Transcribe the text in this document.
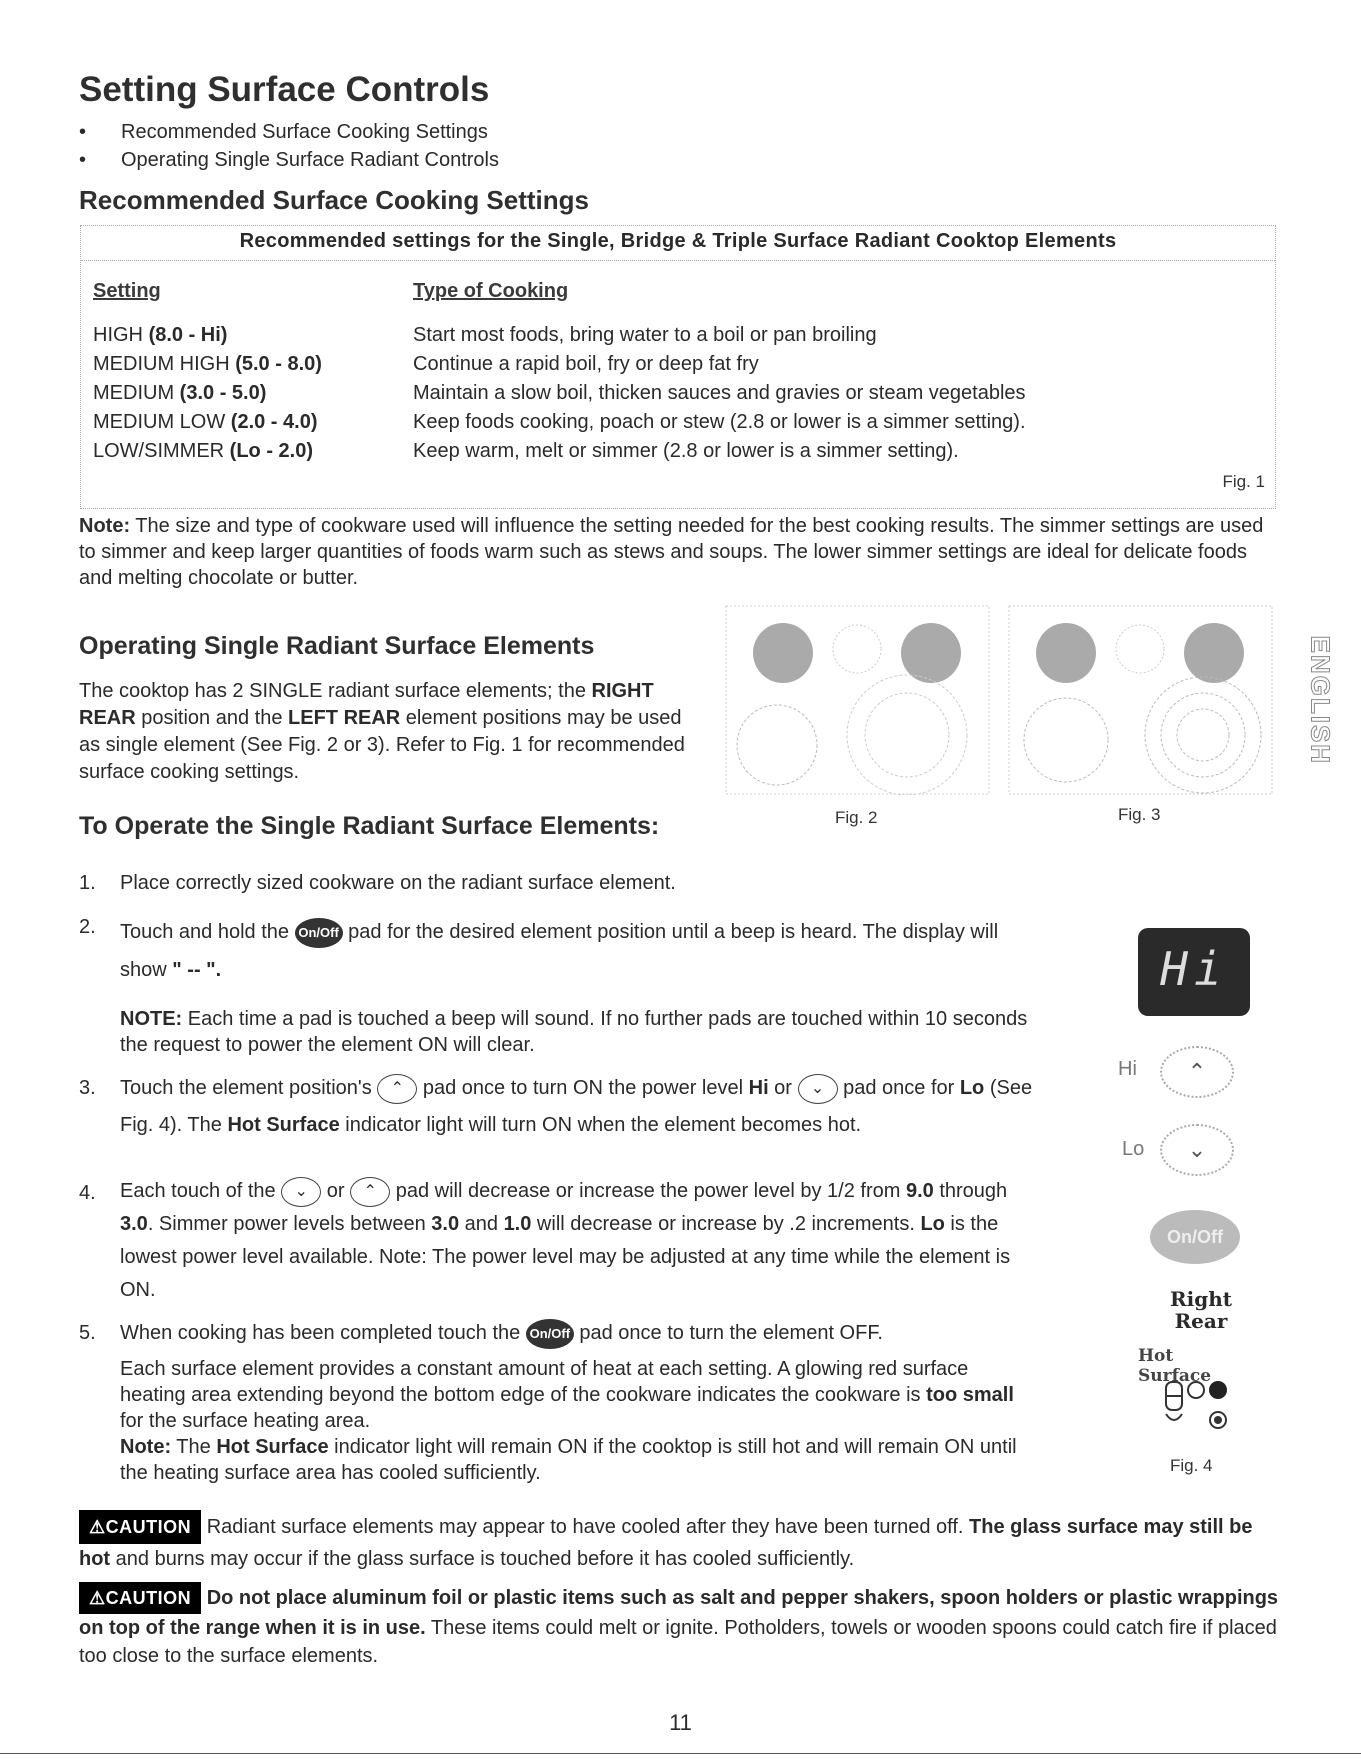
Setting Surface Controls
• Recommended Surface Cooking Settings
• Operating Single Surface Radiant Controls
Recommended Surface Cooking Settings
Recommended settings for the Single, Bridge & Triple Surface Radiant Cooktop Elements
Setting	Type of Cooking
HIGH (8.0 - Hi)	Start most foods, bring water to a boil or pan broiling
MEDIUM HIGH (5.0 - 8.0)	Continue a rapid boil, fry or deep fat fry
MEDIUM (3.0 - 5.0)	Maintain a slow boil, thicken sauces and gravies or steam vegetables
MEDIUM LOW (2.0 - 4.0)	Keep foods cooking, poach or stew (2.8 or lower is a simmer setting).
LOW/SIMMER (Lo - 2.0)	Keep warm, melt or simmer (2.8 or lower is a simmer setting).
Fig. 1
Note: The size and type of cookware used will influence the setting needed for the best cooking results. The simmer settings are used to simmer and keep larger quantities of foods warm such as stews and soups. The lower simmer settings are ideal for delicate foods and melting chocolate or butter.
Operating Single Radiant Surface Elements
The cooktop has 2 SINGLE radiant surface elements; the RIGHT REAR position and the LEFT REAR element positions may be used as single element (See Fig. 2 or 3). Refer to Fig. 1 for recommended surface cooking settings.
Fig. 2	Fig. 3
ENGLISH
To Operate the Single Radiant Surface Elements:
1. Place correctly sized cookware on the radiant surface element.
2. Touch and hold the On/Off pad for the desired element position until a beep is heard. The display will show " -- ".
NOTE: Each time a pad is touched a beep will sound. If no further pads are touched within 10 seconds the request to power the element ON will clear.
3. Touch the element position's ⌃ pad once to turn ON the power level Hi or ⌄ pad once for Lo (See Fig. 4). The Hot Surface indicator light will turn ON when the element becomes hot.
4. Each touch of the ⌄ or ⌃ pad will decrease or increase the power level by 1/2 from 9.0 through 3.0. Simmer power levels between 3.0 and 1.0 will decrease or increase by .2 increments. Lo is the lowest power level available. Note: The power level may be adjusted at any time while the element is ON.
5. When cooking has been completed touch the On/Off pad once to turn the element OFF.
Each surface element provides a constant amount of heat at each setting. A glowing red surface heating area extending beyond the bottom edge of the cookware indicates the cookware is too small for the surface heating area.
Note: The Hot Surface indicator light will remain ON if the cooktop is still hot and will remain ON until the heating surface area has cooled sufficiently.
Hi
Hi	⌃
Lo	⌄
On/Off
Right
Rear
Hot Surface
Fig. 4
⚠CAUTION Radiant surface elements may appear to have cooled after they have been turned off. The glass surface may still be hot and burns may occur if the glass surface is touched before it has cooled sufficiently.
⚠CAUTION Do not place aluminum foil or plastic items such as salt and pepper shakers, spoon holders or plastic wrappings on top of the range when it is in use. These items could melt or ignite. Potholders, towels or wooden spoons could catch fire if placed too close to the surface elements.
11
